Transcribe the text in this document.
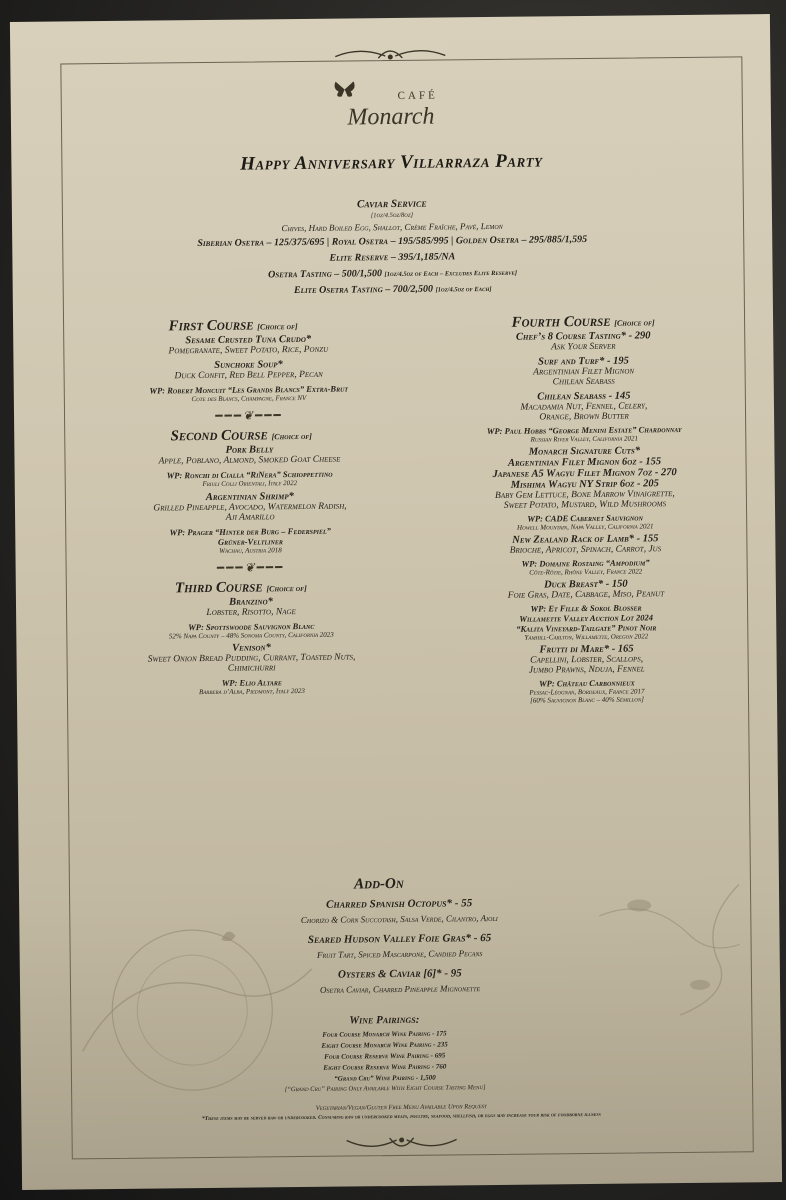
CAFÉ
Monarch
Happy Anniversary Villarraza Party
Caviar Service
[1oz/4.5oz/8oz]
Chives, Hard Boiled Egg, Shallot, Crème Fraîche, Pavé, Lemon
Siberian Osetra – 125/375/695 | Royal Osetra – 195/585/995 | Golden Osetra – 295/885/1,595
Elite Reserve – 395/1,185/NA
Osetra Tasting – 500/1,500 [1oz/4.5oz of Each – Excludes Elite Reserve]
Elite Osetra Tasting – 700/2,500 [1oz/4.5oz of Each]
First Course [Choice of]
Sesame Crusted Tuna Crudo*
Pomegranate, Sweet Potato, Rice, Ponzu
Sunchoke Soup*
Duck Confit, Red Bell Pepper, Pecan
WP: Robert Moncuit “Les Grands Blancs” Extra-Brut
Cote des Blancs, Champagne, France NV
━━━❦━━━
Second Course [Choice of]
Pork Belly
Apple, Poblano, Almond, Smoked Goat Cheese
WP: Ronchi di Cialla “RiNera” Schioppettino
Friuli Colli Orientali, Italy 2022
Argentinian Shrimp*
Grilled Pineapple, Avocado, Watermelon Radish,
Aji Amarillo
WP: Prager “Hinter der Burg – Federspiel”
Grüner-Veltliner
Wachau, Austria 2018
━━━❦━━━
Third Course [Choice of]
Branzino*
Lobster, Risotto, Nage
WP: Spottswoode Sauvignon Blanc
52% Napa County – 48% Sonoma County, California 2023
Venison*
Sweet Onion Bread Pudding, Currant, Toasted Nuts,
Chimichurri
WP: Elio Altare
Barbera d’Alba, Piedmont, Italy 2023
Fourth Course [Choice of]
Chef’s 8 Course Tasting* - 290
Ask Your Server
Surf and Turf* - 195
Argentinian Filet Mignon
Chilean Seabass
Chilean Seabass - 145
Macadamia Nut, Fennel, Celery,
Orange, Brown Butter
WP: Paul Hobbs “George Menini Estate” Chardonnay
Russian River Valley, California 2021
Monarch Signature Cuts*
Argentinian Filet Mignon 6oz - 155
Japanese A5 Wagyu Filet Mignon 7oz - 270
Mishima Wagyu NY Strip 6oz - 205
Baby Gem Lettuce, Bone Marrow Vinaigrette,
Sweet Potato, Mustard, Wild Mushrooms
WP: CADE Cabernet Sauvignon
Howell Mountain, Napa Valley, California 2021
New Zealand Rack of Lamb* - 155
Brioche, Apricot, Spinach, Carrot, Jus
WP: Domaine Rostaing “Ampodium”
Côte-Rôtie, Rhône Valley, France 2022
Duck Breast* - 150
Foie Gras, Date, Cabbage, Miso, Peanut
WP: Et Fille & Sokol Blosser
Willamette Valley Auction Lot 2024
“Kalita Vineyard-Tailgate” Pinot Noir
Yamhill-Carlton, Willamette, Oregon 2022
Frutti di Mare* - 165
Capellini, Lobster, Scallops,
Jumbo Prawns, Nduja, Fennel
WP: Château Carbonnieux
Pessac-Léognan, Bordeaux, France 2017
[60% Sauvignon Blanc – 40% Sémillon]
Add-On
Charred Spanish Octopus* - 55
Chorizo & Corn Succotash, Salsa Verde, Cilantro, Aioli
Seared Hudson Valley Foie Gras* - 65
Fruit Tart, Spiced Mascarpone, Candied Pecans
Oysters & Caviar [6]* - 95
Osetra Caviar, Charred Pineapple Mignonette
Wine Pairings:
Four Course Monarch Wine Pairing - 175
Eight Course Monarch Wine Pairing - 235
Four Course Reserve Wine Pairing - 695
Eight Course Reserve Wine Pairing - 760
“Grand Cru” Wine Pairing - 1,500
[“Grand Cru” Pairing Only Available With Eight Course Tasting Menu]
Vegetarian/Vegan/Gluten Free Menu Available Upon Request
*These items may be served raw or undercooked. Consuming raw or undercooked meats, poultry, seafood, shellfish, or eggs may increase your risk of foodborne illness
